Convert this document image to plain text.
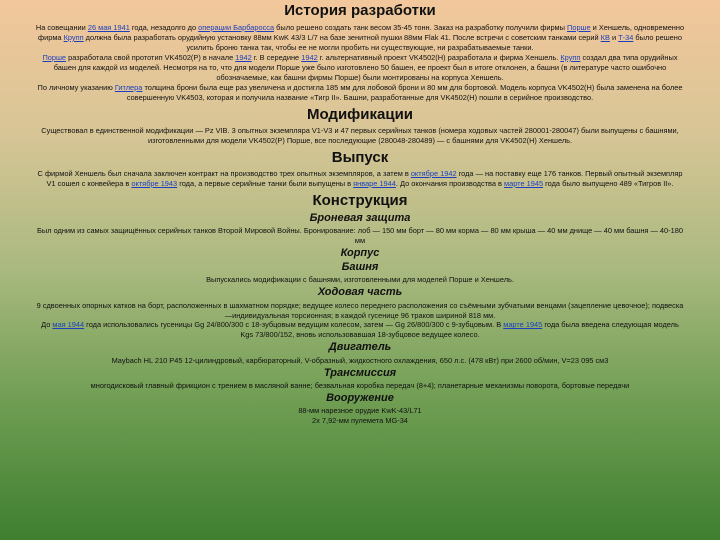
История разработки

На совещании 26 мая 1941 года, незадолго до операции Барбаросса было решено создать танк весом 35-45 тонн. Заказ на разработку получили фирмы Порше и Хеншель, одновременно фирма Крупп должна была разработать орудийную установку 88мм KwK 43/3 L/7 на базе зенитной пушки 88мм Flak 41. После встречи с советским танками серий КВ и Т-34 было решено усилить броню танка так, чтобы ее не могли пробить ни существующие, ни разрабатываемые танки.

Порше разработала свой прототип VK4502(P) в начале 1942 г. В середине 1942 г. альтернативный проект VK4502(H) разработала и фирма Хеншель. Крупп создал два типа орудийных башен для каждой из моделей. Несмотря на то, что для модели Порше уже было изготовлено 50 башен, ее проект был в итоге отклонен, а башни (в литературе часто ошибочно обозначаемые, как башни фирмы Порше) были монтированы на корпуса Хеншель.

По личному указанию Гитлера толщина брони была еще раз увеличена и достигла 185 мм для лобовой брони и 80 мм для бортовой. Модель корпуса VK4502(H) была заменена на более совершенную VK4503, которая и получила название «Тигр II». Башни, разработанные для VK4502(H) пошли в серийное производство.

Модификации

Существовал в единственной модификации — Pz VIB. 3 опытных экземпляра V1-V3 и 47 первых серийных танков (номера ходовых частей 280001-280047) были выпущены с башнями, изготовленными для модели VK4502(P) Порше, все последующие (280048-280489) — с башнями для VK4502(H) Хеншель.

Выпуск

С фирмой Хеншель был сначала заключен контракт на производство трех опытных экземпляров, а затем в октябре 1942 года — на поставку еще 176 танков. Первый опытный экземпляр V1 сошел с конвейера в октябре 1943 года, а первые серийные танки были выпущены в январе 1944. До окончания производства в марте 1945 года было выпущено 489 «Тигров II».

Конструкция
Броневая защита

Был одним из самых защищённых серийных танков Второй Мировой Войны. Бронирование: лоб — 150 мм борт — 80 мм корма — 80 мм крыша — 40 мм днище — 40 мм башня — 40-180 мм

Корпус
Башня

Выпускались модификации с башнями, изготовленными для моделей Порше и Хеншель.

Ходовая часть

9 сдвоенных опорных катков на борт, расположенных в шахматном порядке; ведущее колесо переднего расположения со съёмными зубчатыми венцами (зацепление цевочное); подвеска—индивидуальная торсионная; в каждой гусенице 96 траков шириной 818 мм.

До мая 1944 года использовались гусеницы Gg 24/800/300 с 18-зубцовым ведущим колесом, затем — Gg 26/800/300 с 9-зубцовым. В марте 1945 года была введена следующая модель Kgs 73/800/152, вновь использовавшая 18-зубцовое ведущее колесо.

Двигатель

Maybach HL 210 P45 12-цилиндровый, карбюраторный, V-образный, жидкостного охлаждения, 650 л.с. (478 кВт) при 2600 об/мин, V=23 095 см3

Трансмиссия

многодисковый главный фрикцион с трением в масляной ванне; безвальная коробка передач (8+4); планетарные механизмы поворота, бортовые передачи

Вооружение

88-мм нарезное орудие KwK-43/L71

2х 7,92-мм пулемета MG-34
